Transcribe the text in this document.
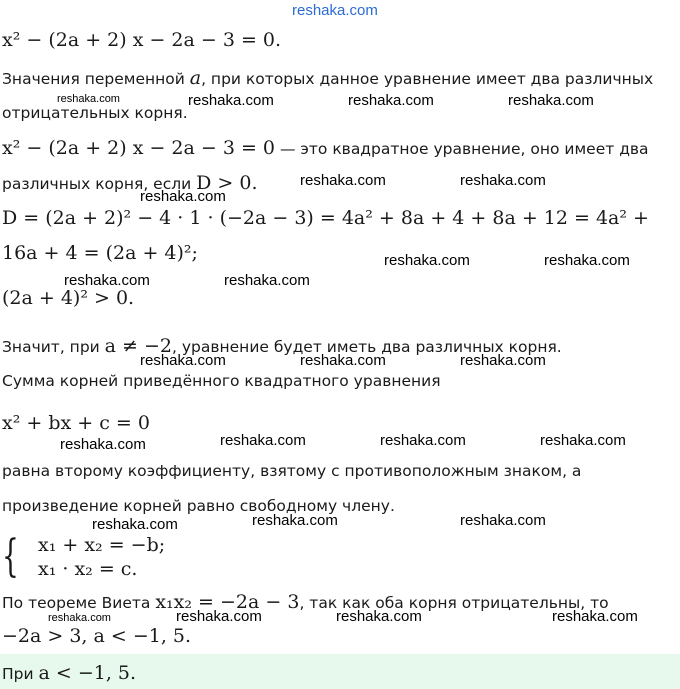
reshaka.com
x² − (2a + 2) x − 2a − 3 = 0.
Значения переменной a, при которых данное уравнение имеет два различных
отрицательных корня.
x² − (2a + 2) x − 2a − 3 = 0 — это квадратное уравнение, оно имеет два
различных корня, если D > 0.
D = (2a + 2)² − 4 · 1 · (−2a − 3) = 4a² + 8a + 4 + 8a + 12 = 4a² +
16a + 4 = (2a + 4)²;
(2a + 4)² > 0.
Значит, при a ≠ −2, уравнение будет иметь два различных корня.
Сумма корней приведённого квадратного уравнения
x² + bx + c = 0
равна второму коэффициенту, взятому с противоположным знаком, а
произведение корней равно свободному члену.
{ x₁ + x₂ = −b;
x₁ · x₂ = c.
По теореме Виета x₁x₂ = −2a − 3, так как оба корня отрицательны, то
−2a > 3, a < −1, 5.
При a < −1, 5.
reshaka.com	reshaka.com	reshaka.com	reshaka.com
reshaka.com	reshaka.com
reshaka.com
reshaka.com	reshaka.com
reshaka.com	reshaka.com
reshaka.com	reshaka.com	reshaka.com
reshaka.com	reshaka.com	reshaka.com
reshaka.com
reshaka.com	reshaka.com
reshaka.com
reshaka.com	reshaka.com	reshaka.com	reshaka.com
